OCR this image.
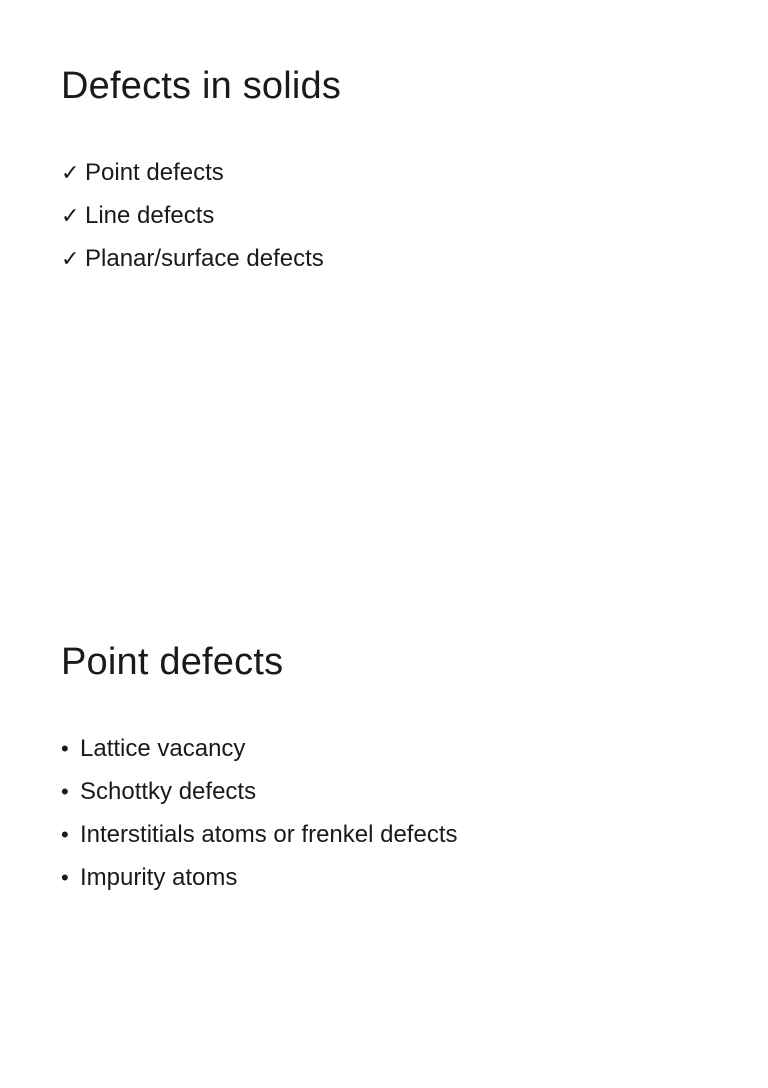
Defects in solids
✓ Point defects
✓ Line defects
✓ Planar/surface defects
Point defects
• Lattice vacancy
• Schottky defects
• Interstitials atoms or frenkel defects
• Impurity atoms
